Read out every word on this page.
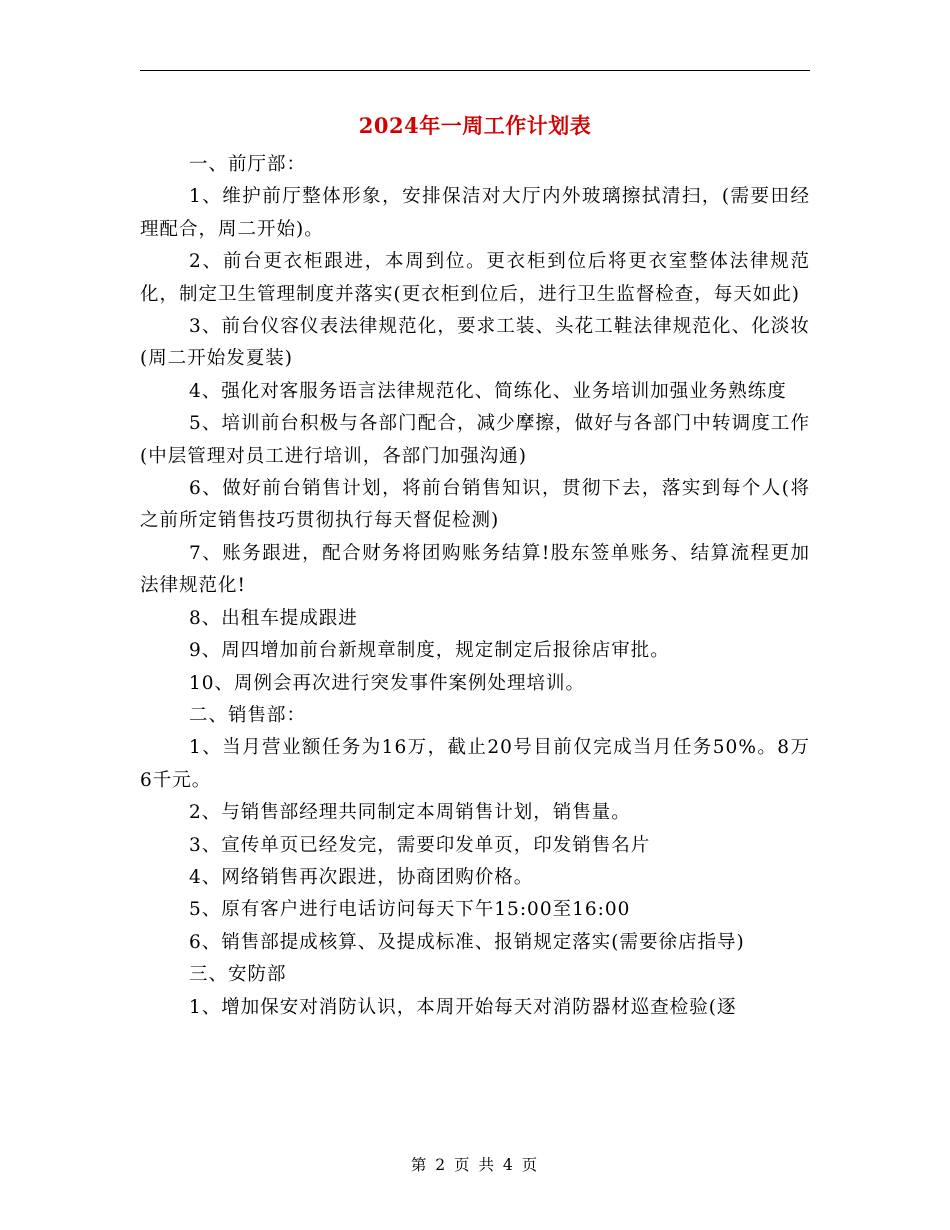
2024年一周工作计划表

一、前厅部：

1、维护前厅整体形象，安排保洁对大厅内外玻璃擦拭清扫，(需要田经理配合，周二开始)。

2、前台更衣柜跟进，本周到位。更衣柜到位后将更衣室整体法律规范化，制定卫生管理制度并落实(更衣柜到位后，进行卫生监督检查，每天如此)

3、前台仪容仪表法律规范化，要求工装、头花工鞋法律规范化、化淡妆(周二开始发夏装)

4、强化对客服务语言法律规范化、简练化、业务培训加强业务熟练度

5、培训前台积极与各部门配合，减少摩擦，做好与各部门中转调度工作(中层管理对员工进行培训，各部门加强沟通)

6、做好前台销售计划，将前台销售知识，贯彻下去，落实到每个人(将之前所定销售技巧贯彻执行每天督促检测)

7、账务跟进，配合财务将团购账务结算!股东签单账务、结算流程更加法律规范化!

8、出租车提成跟进

9、周四增加前台新规章制度，规定制定后报徐店审批。

10、周例会再次进行突发事件案例处理培训。

二、销售部：

1、当月营业额任务为16万，截止20号目前仅完成当月任务50%。8万6千元。

2、与销售部经理共同制定本周销售计划，销售量。

3、宣传单页已经发完，需要印发单页，印发销售名片

4、网络销售再次跟进，协商团购价格。

5、原有客户进行电话访问每天下午15:00至16:00

6、销售部提成核算、及提成标准、报销规定落实(需要徐店指导)

三、安防部

1、增加保安对消防认识，本周开始每天对消防器材巡查检验(逐

第 2 页 共 4 页
